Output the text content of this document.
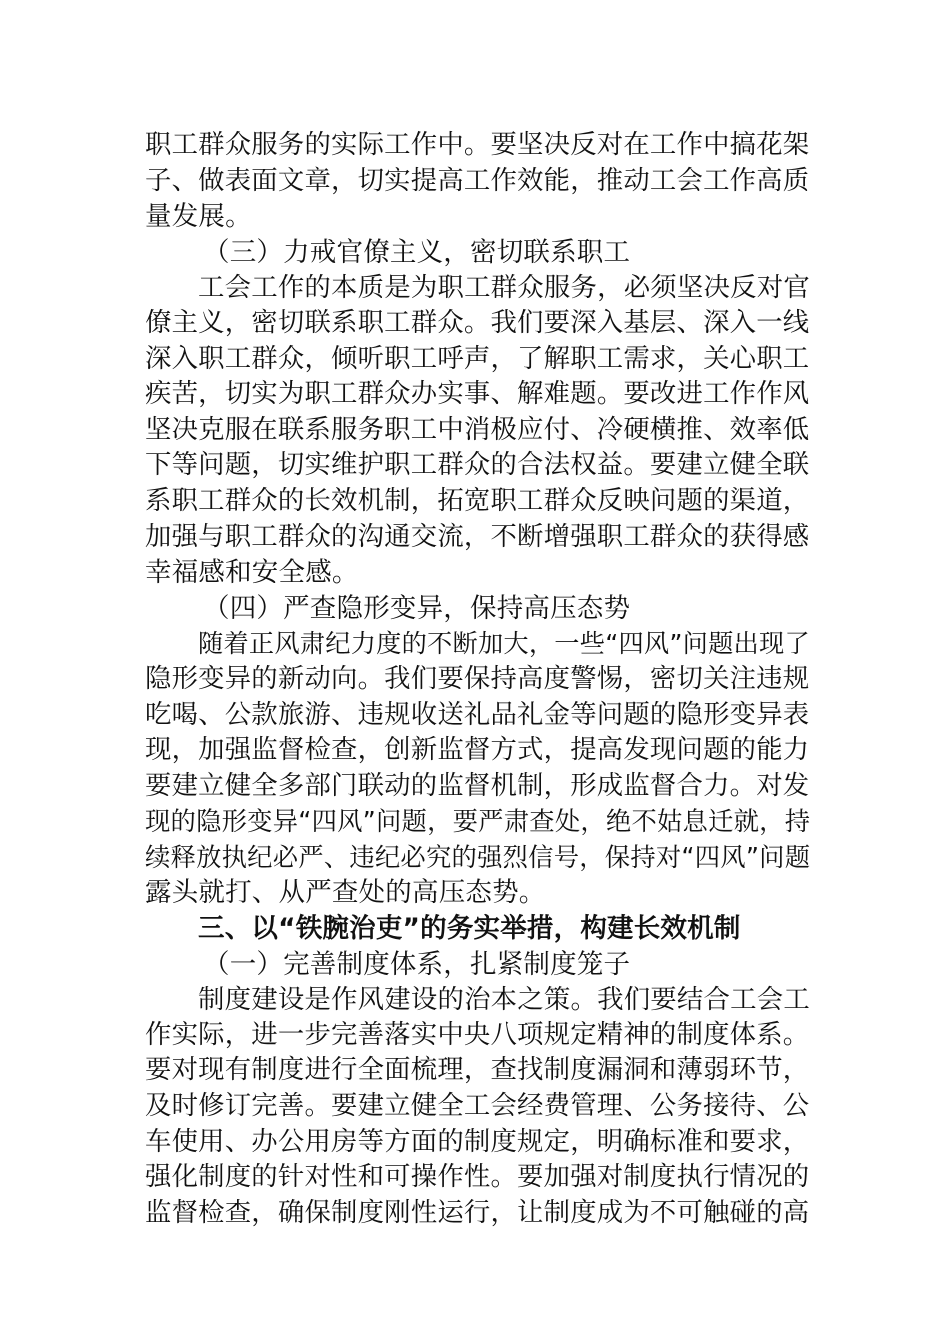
职工群众服务的实际工作中。要坚决反对在工作中搞花架
子、做表面文章，切实提高工作效能，推动工会工作高质
量发展。
（三）力戒官僚主义，密切联系职工
工会工作的本质是为职工群众服务，必须坚决反对官
僚主义，密切联系职工群众。我们要深入基层、深入一线
深入职工群众，倾听职工呼声，了解职工需求，关心职工
疾苦，切实为职工群众办实事、解难题。要改进工作作风
坚决克服在联系服务职工中消极应付、冷硬横推、效率低
下等问题，切实维护职工群众的合法权益。要建立健全联
系职工群众的长效机制，拓宽职工群众反映问题的渠道，
加强与职工群众的沟通交流，不断增强职工群众的获得感
幸福感和安全感。
（四）严查隐形变异，保持高压态势
随着正风肃纪力度的不断加大，一些“四风”问题出现了
隐形变异的新动向。我们要保持高度警惕，密切关注违规
吃喝、公款旅游、违规收送礼品礼金等问题的隐形变异表
现，加强监督检查，创新监督方式，提高发现问题的能力
要建立健全多部门联动的监督机制，形成监督合力。对发
现的隐形变异“四风”问题，要严肃查处，绝不姑息迁就，持
续释放执纪必严、违纪必究的强烈信号，保持对“四风”问题
露头就打、从严查处的高压态势。
三、以“铁腕治吏”的务实举措，构建长效机制
（一）完善制度体系，扎紧制度笼子
制度建设是作风建设的治本之策。我们要结合工会工
作实际，进一步完善落实中央八项规定精神的制度体系。
要对现有制度进行全面梳理，查找制度漏洞和薄弱环节，
及时修订完善。要建立健全工会经费管理、公务接待、公
车使用、办公用房等方面的制度规定，明确标准和要求，
强化制度的针对性和可操作性。要加强对制度执行情况的
监督检查，确保制度刚性运行，让制度成为不可触碰的高
